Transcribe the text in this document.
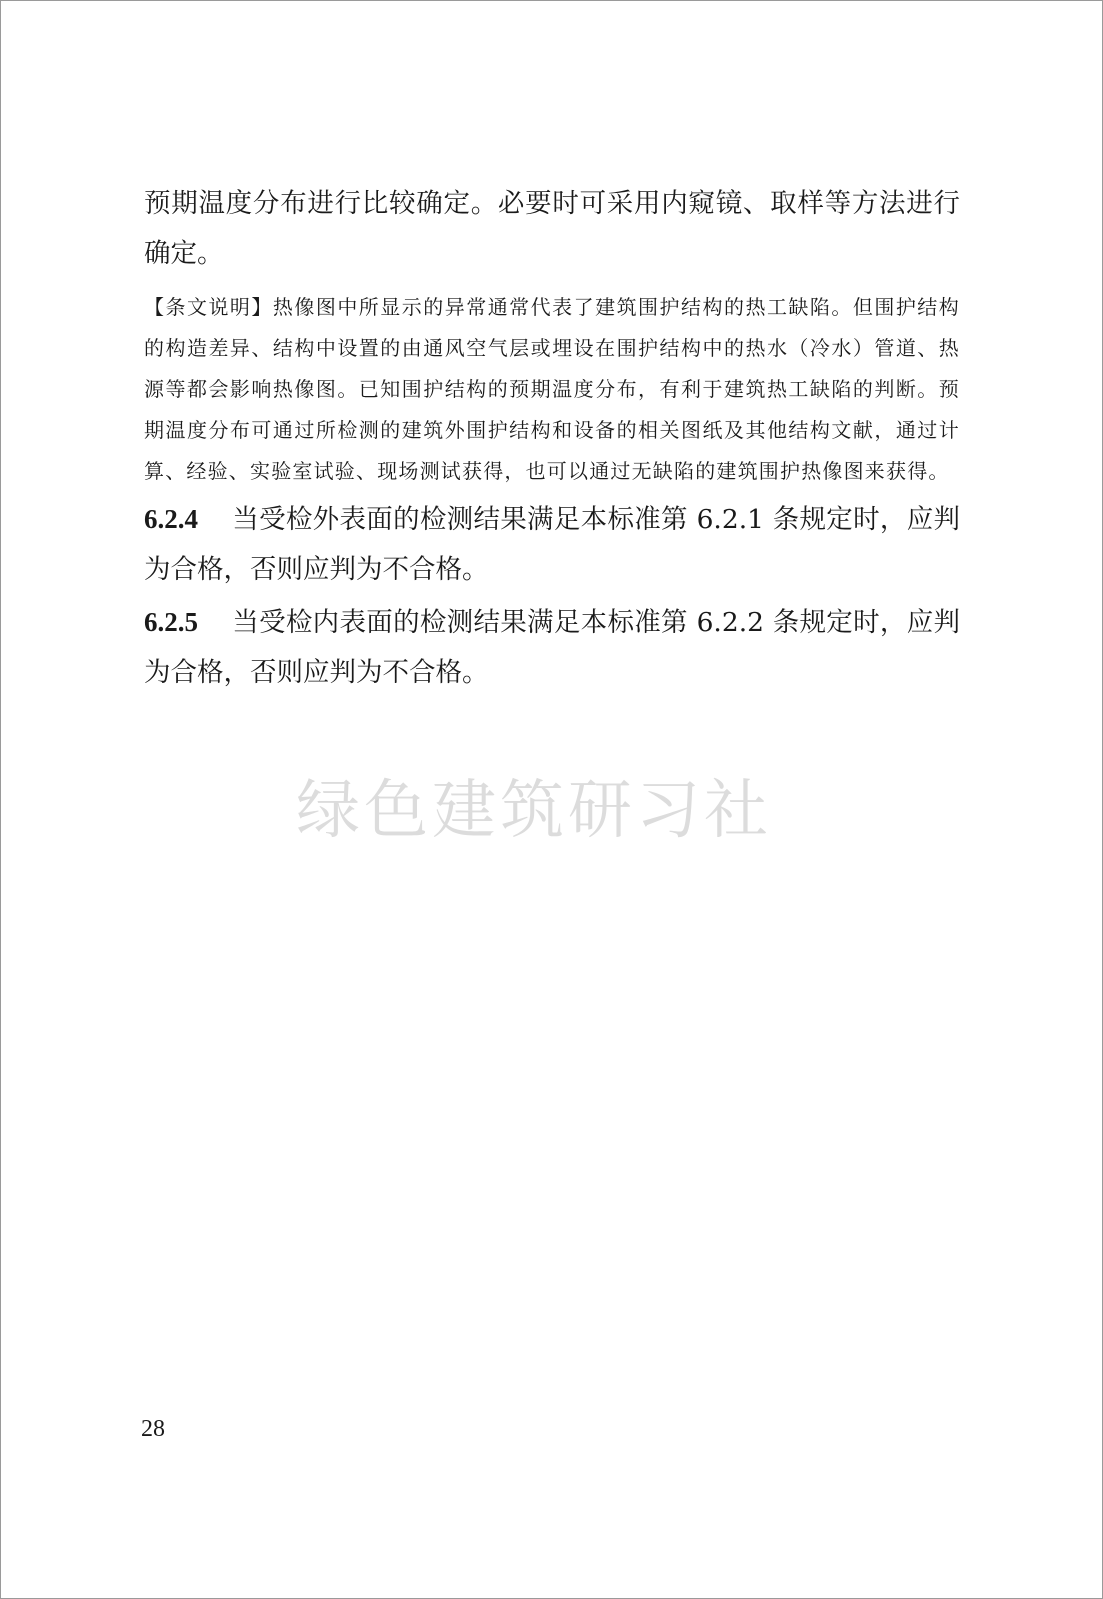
预期温度分布进行比较确定。必要时可采用内窥镜、取样等方法进行确定。

【条文说明】热像图中所显示的异常通常代表了建筑围护结构的热工缺陷。但围护结构的构造差异、结构中设置的由通风空气层或埋设在围护结构中的热水（冷水）管道、热源等都会影响热像图。已知围护结构的预期温度分布，有利于建筑热工缺陷的判断。预期温度分布可通过所检测的建筑外围护结构和设备的相关图纸及其他结构文献，通过计算、经验、实验室试验、现场测试获得，也可以通过无缺陷的建筑围护热像图来获得。

6.2.4 当受检外表面的检测结果满足本标准第 6.2.1 条规定时，应判为合格，否则应判为不合格。

6.2.5 当受检内表面的检测结果满足本标准第 6.2.2 条规定时，应判为合格，否则应判为不合格。

绿色建筑研习社
28
